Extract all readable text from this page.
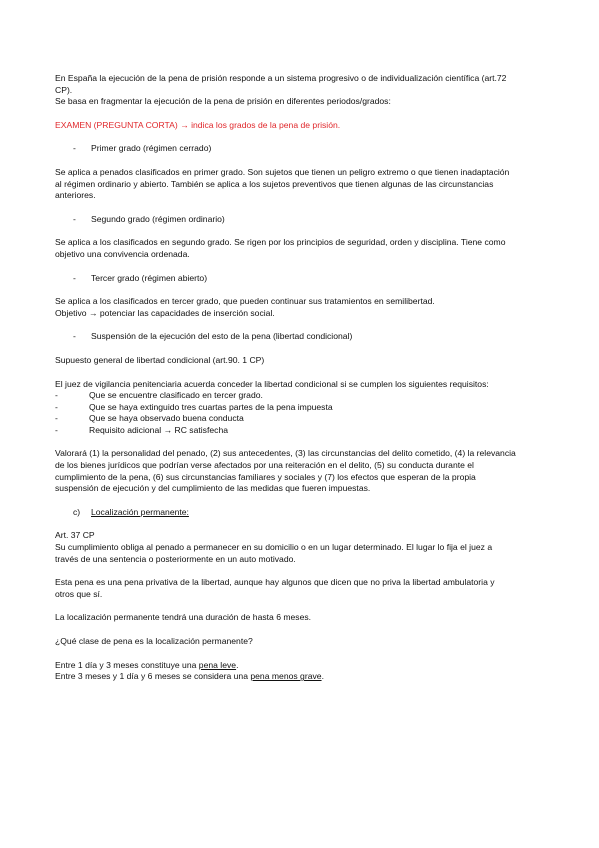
En España la ejecución de la pena de prisión responde a un sistema progresivo o de individualización científica (art.72

CP).

Se basa en fragmentar la ejecución de la pena de prisión en diferentes periodos/grados:

EXAMEN (PREGUNTA CORTA) → indica los grados de la pena de prisión.

-	Primer grado (régimen cerrado)

Se aplica a penados clasificados en primer grado. Son sujetos que tienen un peligro extremo o que tienen inadaptación

al régimen ordinario y abierto. También se aplica a los sujetos preventivos que tienen algunas de las circunstancias

anteriores.

-	Segundo grado (régimen ordinario)

Se aplica a los clasificados en segundo grado. Se rigen por los principios de seguridad, orden y disciplina. Tiene como

objetivo una convivencia ordenada.

-	Tercer grado (régimen abierto)

Se aplica a los clasificados en tercer grado, que pueden continuar sus tratamientos en semilibertad.

Objetivo → potenciar las capacidades de inserción social.

-	Suspensión de la ejecución del esto de la pena (libertad condicional)

Supuesto general de libertad condicional (art.90. 1 CP)

El juez de vigilancia penitenciaria acuerda conceder la libertad condicional si se cumplen los siguientes requisitos:

-	Que se encuentre clasificado en tercer grado.
-	Que se haya extinguido tres cuartas partes de la pena impuesta
-	Que se haya observado buena conducta
-	Requisito adicional → RC satisfecha

Valorará (1) la personalidad del penado, (2) sus antecedentes, (3) las circunstancias del delito cometido, (4) la relevancia

de los bienes jurídicos que podrían verse afectados por una reiteración en el delito, (5) su conducta durante el

cumplimiento de la pena, (6) sus circunstancias familiares y sociales y (7) los efectos que esperan de la propia

suspensión de ejecución y del cumplimiento de las medidas que fueren impuestas.

c)	Localización permanente:

Art. 37 CP

Su cumplimiento obliga al penado a permanecer en su domicilio o en un lugar determinado. El lugar lo fija el juez a

través de una sentencia o posteriormente en un auto motivado.

Esta pena es una pena privativa de la libertad, aunque hay algunos que dicen que no priva la libertad ambulatoria y

otros que sí.

La localización permanente tendrá una duración de hasta 6 meses.

¿Qué clase de pena es la localización permanente?

Entre 1 día y 3 meses constituye una pena leve.

Entre 3 meses y 1 día y 6 meses se considera una pena menos grave.
